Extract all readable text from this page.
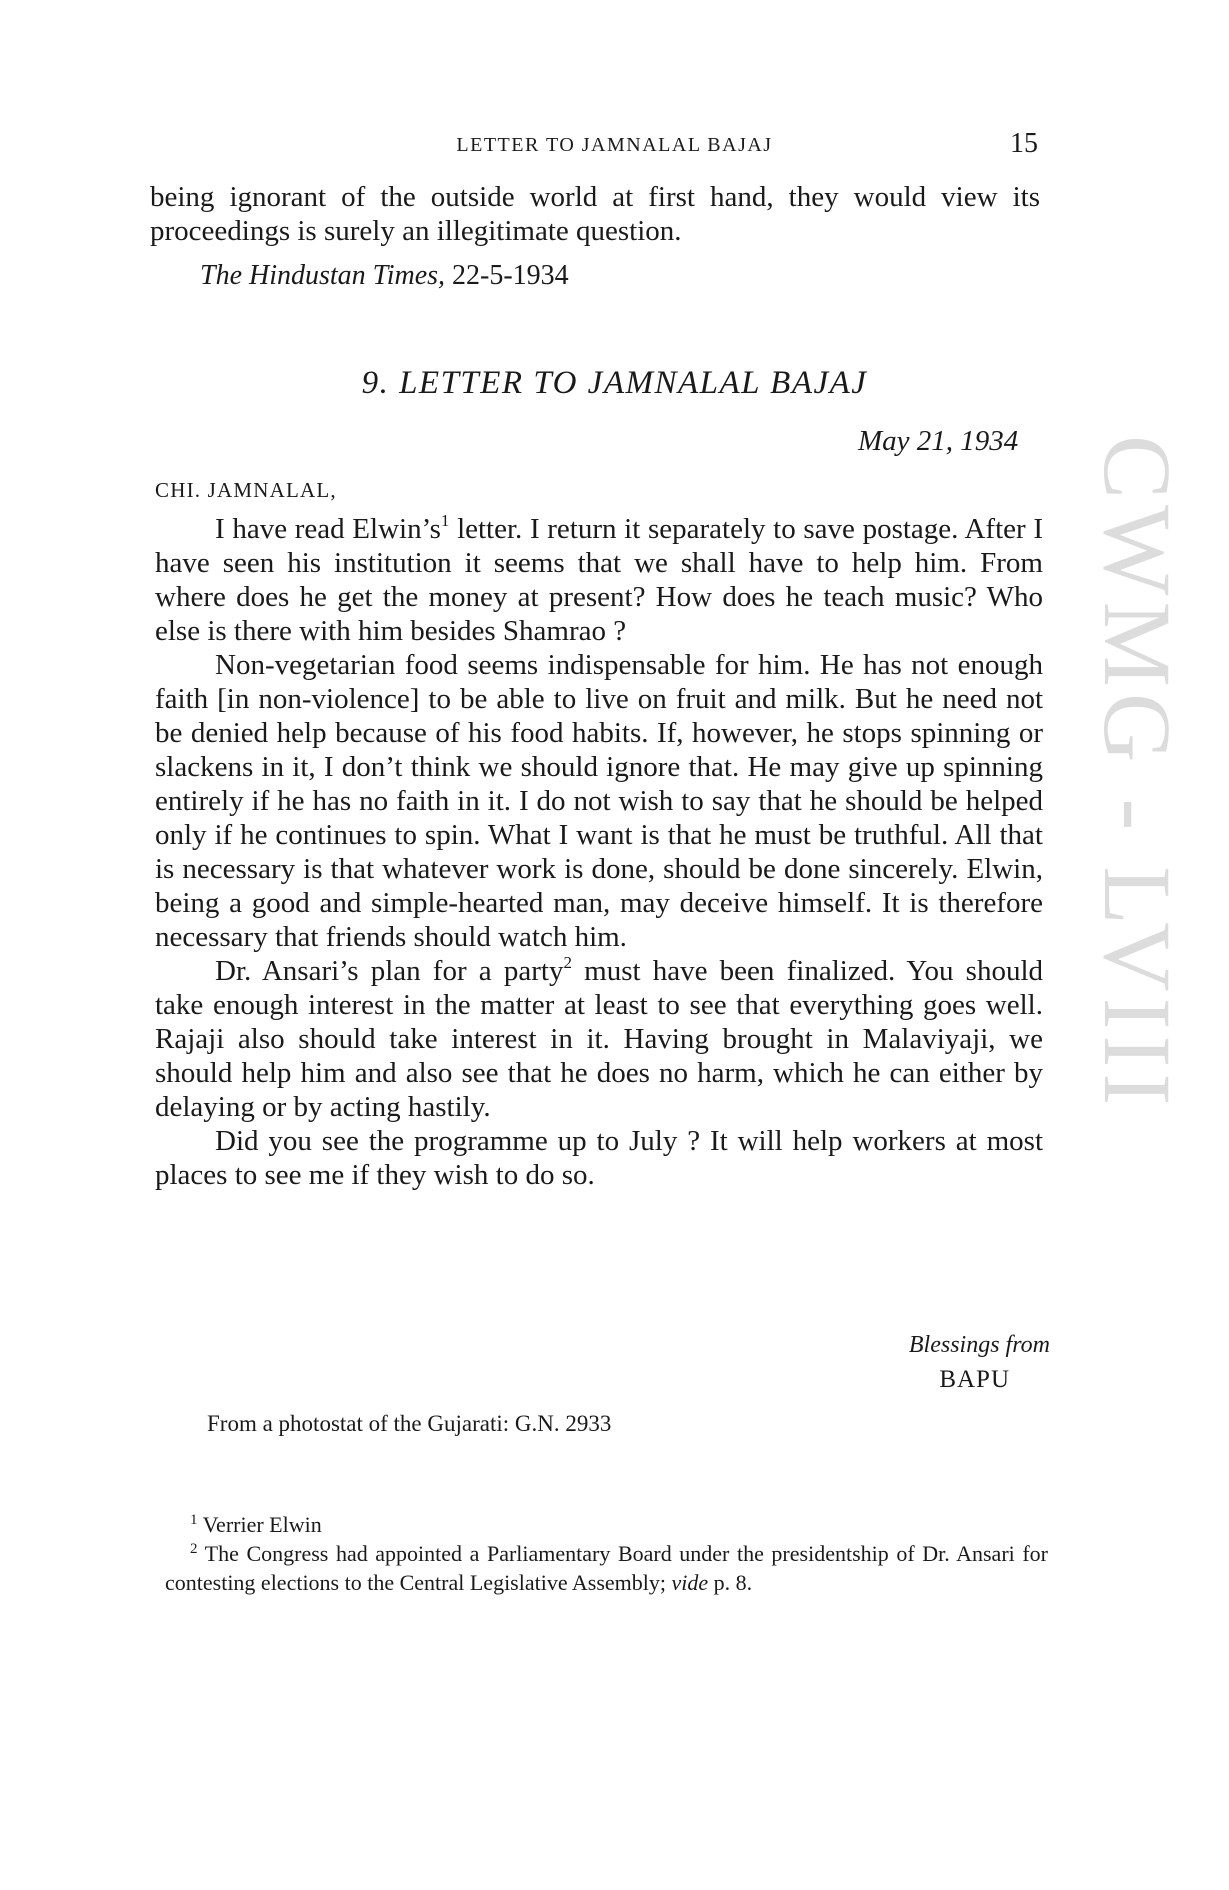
LETTER TO JAMNALAL BAJAJ	15
being ignorant of the outside world at first hand, they would view its proceedings is surely an illegitimate question.
The Hindustan Times, 22-5-1934
9. LETTER TO JAMNALAL BAJAJ
May 21, 1934
CHI. JAMNALAL,

I have read $Elwin’s^1$ letter. I return it separately to save postage. After I have seen his institution it seems that we shall have to help him. From where does he get the money at present? How does he teach music? Who else is there with him besides Shamrao ?

Non-vegetarian food seems indispensable for him. He has not enough faith [in non-violence] to be able to live on fruit and milk. But he need not be denied help because of his food habits. If, however, he stops spinning or slackens in it, I don’t think we should ignore that. He may give up spinning entirely if he has no faith in it. I do not wish to say that he should be helped only if he continues to spin. What I want is that he must be truthful. All that is necessary is that whatever work is done, should be done sincerely. Elwin, being a good and simple-hearted man, may deceive himself. It is therefore necessary that friends should watch him.

Dr. Ansari’s plan for a party$^2$ must have been finalized. You should take enough interest in the matter at least to see that everything goes well. Rajaji also should take interest in it. Having brought in Malaviyaji, we should help him and also see that he does no harm, which he can either by delaying or by acting hastily.

Did you see the programme up to July ? It will help workers at most places to see me if they wish to do so.

Blessings from
BAPU
From a photostat of the Gujarati: G.N. 2933

$^1$ Verrier Elwin

$^2$ The Congress had appointed a Parliamentary Board under the presidentship of Dr. Ansari for contesting elections to the Central Legislative Assembly; vide p. 8.

CWMG - LVIII
